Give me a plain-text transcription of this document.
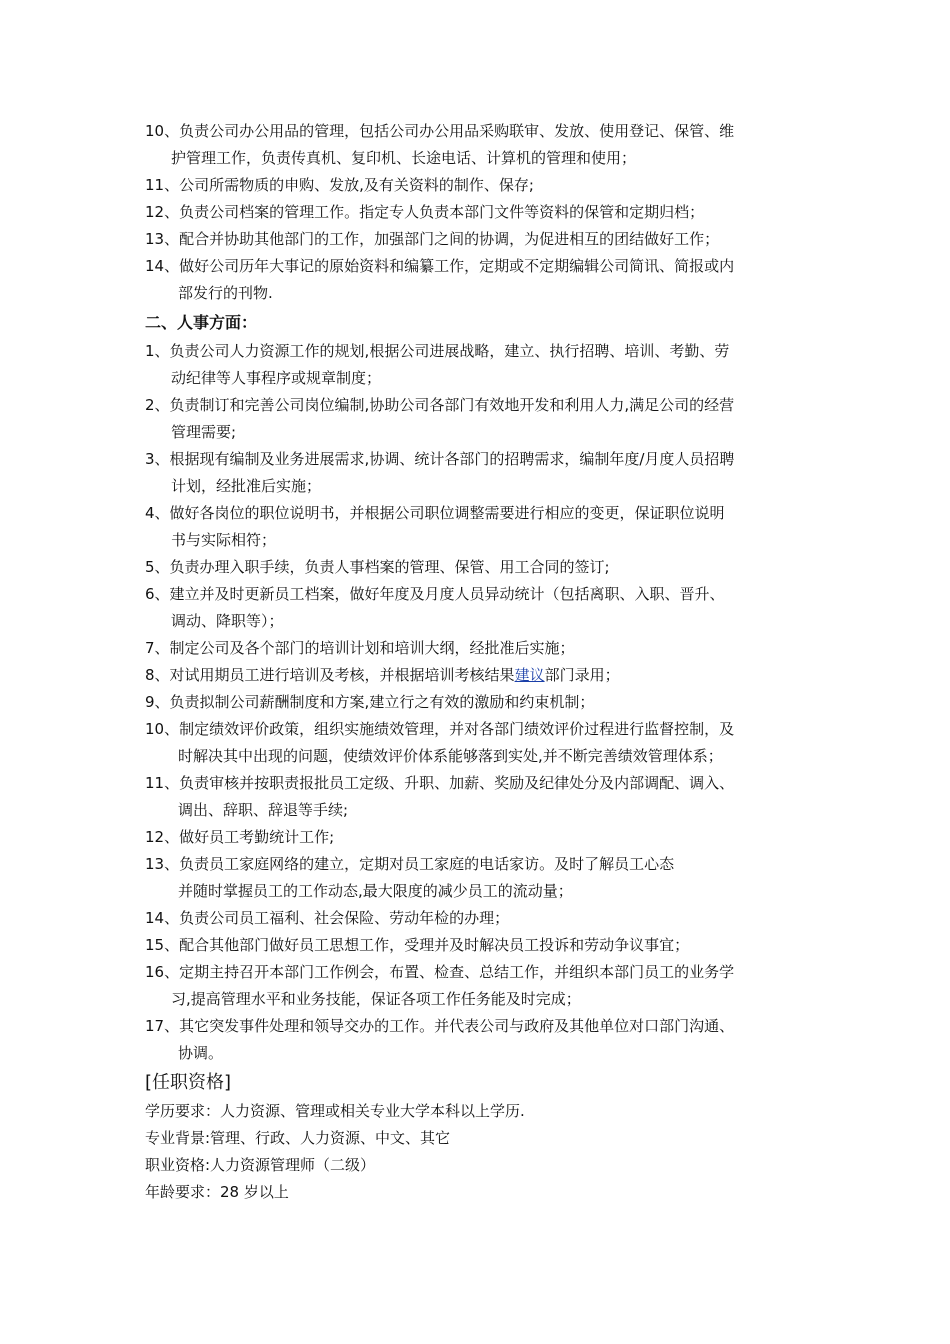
10、负责公司办公用品的管理，包括公司办公用品采购联审、发放、使用登记、保管、维
护管理工作，负责传真机、复印机、长途电话、计算机的管理和使用；
11、公司所需物质的申购、发放,及有关资料的制作、保存;
12、负责公司档案的管理工作。指定专人负责本部门文件等资料的保管和定期归档；
13、配合并协助其他部门的工作，加强部门之间的协调，为促进相互的团结做好工作；
14、做好公司历年大事记的原始资料和编纂工作，定期或不定期编辑公司简讯、简报或内
部发行的刊物.
二、人事方面：
1、负责公司人力资源工作的规划,根据公司进展战略，建立、执行招聘、培训、考勤、劳
动纪律等人事程序或规章制度；
2、负责制订和完善公司岗位编制,协助公司各部门有效地开发和利用人力,满足公司的经营
管理需要;
3、根据现有编制及业务进展需求,协调、统计各部门的招聘需求，编制年度/月度人员招聘
计划，经批准后实施；
4、做好各岗位的职位说明书，并根据公司职位调整需要进行相应的变更，保证职位说明
书与实际相符；
5、负责办理入职手续，负责人事档案的管理、保管、用工合同的签订;
6、建立并及时更新员工档案，做好年度及月度人员异动统计（包括离职、入职、晋升、
调动、降职等）；
7、制定公司及各个部门的培训计划和培训大纲，经批准后实施；
8、对试用期员工进行培训及考核，并根据培训考核结果建议部门录用；
9、负责拟制公司薪酬制度和方案,建立行之有效的激励和约束机制；
10、制定绩效评价政策，组织实施绩效管理，并对各部门绩效评价过程进行监督控制，及
时解决其中出现的问题，使绩效评价体系能够落到实处,并不断完善绩效管理体系；
11、负责审核并按职责报批员工定级、升职、加薪、奖励及纪律处分及内部调配、调入、
调出、辞职、辞退等手续;
12、做好员工考勤统计工作;
13、负责员工家庭网络的建立，定期对员工家庭的电话家访。及时了解员工心态
并随时掌握员工的工作动态,最大限度的减少员工的流动量；
14、负责公司员工福利、社会保险、劳动年检的办理；
15、配合其他部门做好员工思想工作，受理并及时解决员工投诉和劳动争议事宜；
16、定期主持召开本部门工作例会，布置、检查、总结工作，并组织本部门员工的业务学
习,提高管理水平和业务技能，保证各项工作任务能及时完成；
17、其它突发事件处理和领导交办的工作。并代表公司与政府及其他单位对口部门沟通、
协调。
[任职资格]
学历要求：人力资源、管理或相关专业大学本科以上学历.
专业背景:管理、行政、人力资源、中文、其它
职业资格:人力资源管理师（二级）
年龄要求：28 岁以上
